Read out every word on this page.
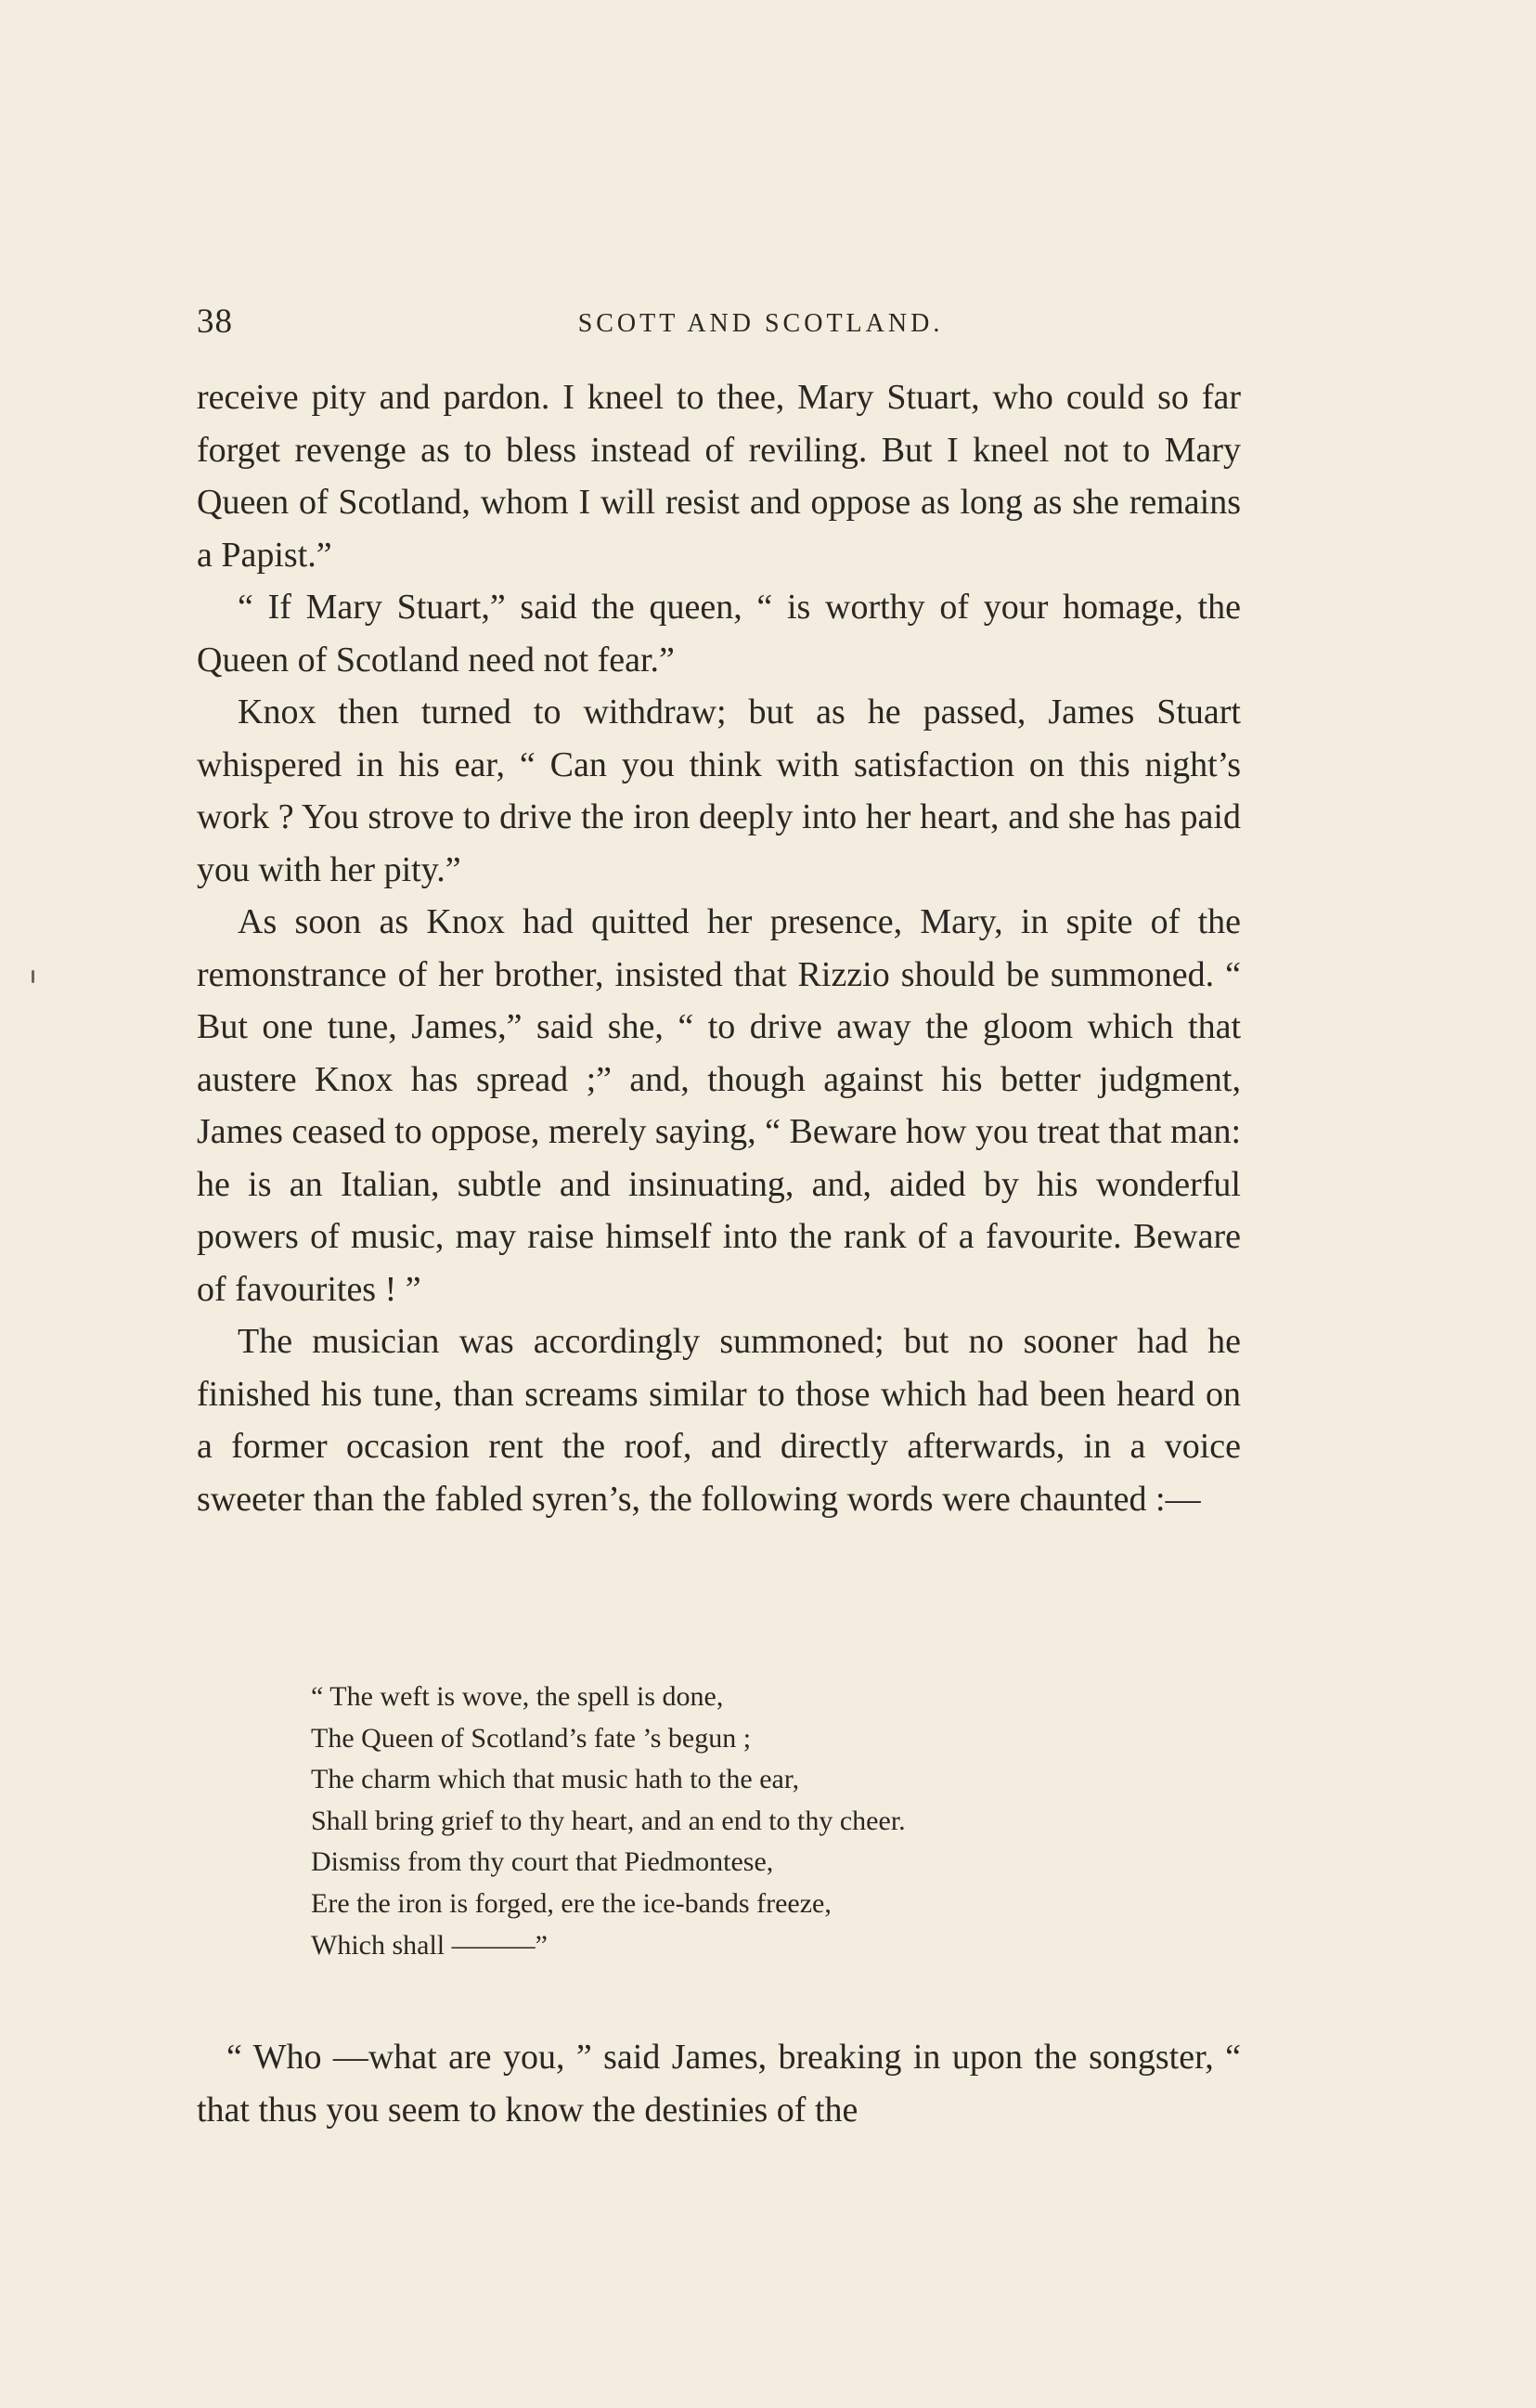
38	SCOTT AND SCOTLAND.

receive pity and pardon. I kneel to thee, Mary Stuart, who could so far forget revenge as to bless instead of reviling. But I kneel not to Mary Queen of Scotland, whom I will resist and oppose as long as she remains a Papist.”

“ If Mary Stuart,” said the queen, “ is worthy of your homage, the Queen of Scotland need not fear.”

Knox then turned to withdraw; but as he passed, James Stuart whispered in his ear, “ Can you think with satisfaction on this night’s work ? You strove to drive the iron deeply into her heart, and she has paid you with her pity.”

As soon as Knox had quitted her presence, Mary, in spite of the remonstrance of her brother, insisted that Rizzio should be summoned. “ But one tune, James,” said she, “ to drive away the gloom which that austere Knox has spread ;” and, though against his better judgment, James ceased to oppose, merely saying, “ Beware how you treat that man: he is an Italian, subtle and insinuating, and, aided by his wonderful powers of music, may raise himself into the rank of a favourite. Beware of favourites ! ”

The musician was accordingly summoned; but no sooner had he finished his tune, than screams similar to those which had been heard on a former occasion rent the roof, and directly afterwards, in a voice sweeter than the fabled syren’s, the following words were chaunted :—

“ The weft is wove, the spell is done,
The Queen of Scotland’s fate ’s begun ;
The charm which that music hath to the ear,
Shall bring grief to thy heart, and an end to thy cheer.
Dismiss from thy court that Piedmontese,
Ere the iron is forged, ere the ice-bands freeze,
Which shall ———”

“ Who —what are you, ” said James, breaking in upon the songster, “ that thus you seem to know the destinies of the
